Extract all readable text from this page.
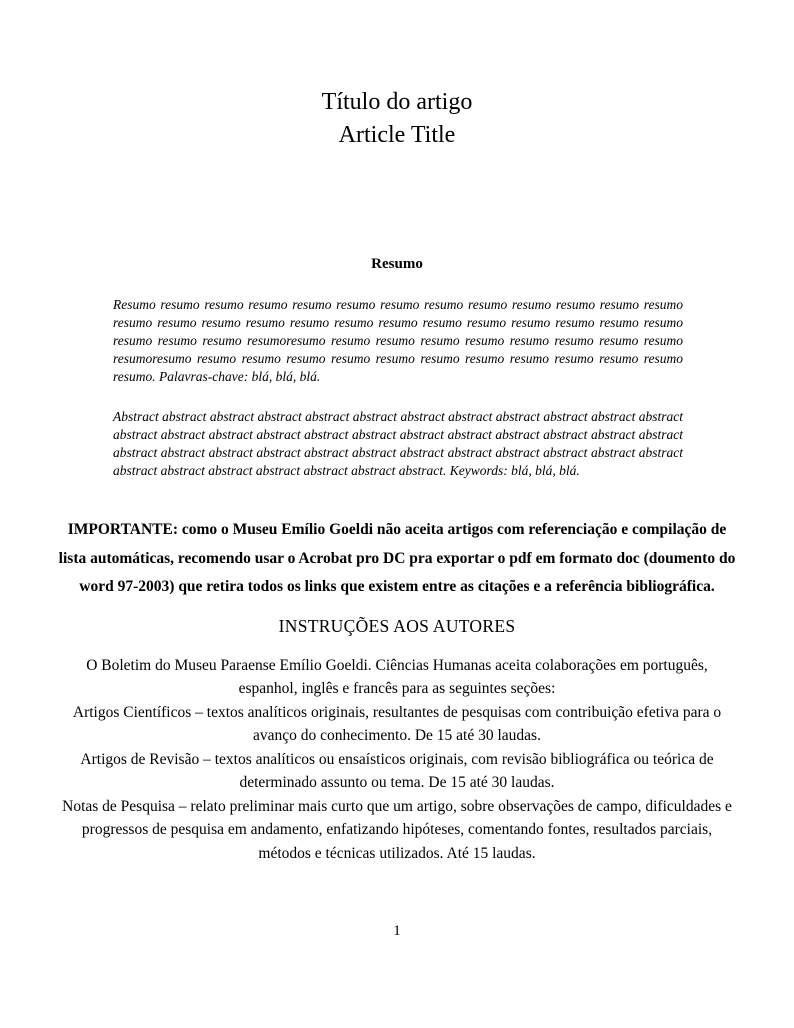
Título do artigo
Article Title
Resumo

Resumo resumo resumo resumo resumo resumo resumo resumo resumo resumo resumo resumo resumo resumo resumo resumo resumo resumo resumo resumo resumo resumo resumo resumo resumo resumo resumo resumo resumo resumoresumo resumo resumo resumo resumo resumo resumo resumo resumo resumoresumo resumo resumo resumo resumo resumo resumo resumo resumo resumo resumo resumo resumo. Palavras-chave: blá, blá, blá.

Abstract abstract abstract abstract abstract abstract abstract abstract abstract abstract abstract abstract abstract abstract abstract abstract abstract abstract abstract abstract abstract abstract abstract abstract abstract abstract abstract abstract abstract abstract abstract abstract abstract abstract abstract abstract abstract abstract abstract abstract abstract abstract abstract. Keywords: blá, blá, blá.

IMPORTANTE: como o Museu Emílio Goeldi não aceita artigos com referenciação e compilação de lista automáticas, recomendo usar o Acrobat pro DC pra exportar o pdf em formato doc (doumento do word 97-2003) que retira todos os links que existem entre as citações e a referência bibliográfica.

INSTRUÇÕES AOS AUTORES

O Boletim do Museu Paraense Emílio Goeldi. Ciências Humanas aceita colaborações em português, espanhol, inglês e francês para as seguintes seções:

Artigos Científicos – textos analíticos originais, resultantes de pesquisas com contribuição efetiva para o avanço do conhecimento. De 15 até 30 laudas.

Artigos de Revisão – textos analíticos ou ensaísticos originais, com revisão bibliográfica ou teórica de determinado assunto ou tema. De 15 até 30 laudas.

Notas de Pesquisa – relato preliminar mais curto que um artigo, sobre observações de campo, dificuldades e progressos de pesquisa em andamento, enfatizando hipóteses, comentando fontes, resultados parciais, métodos e técnicas utilizados. Até 15 laudas.

1
